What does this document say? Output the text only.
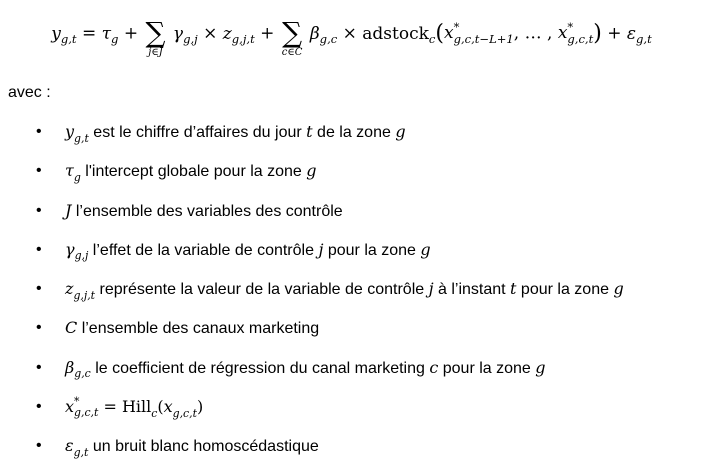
$y_{g,t} = \tau_g$ + ∑
j∈J
$\gamma_{g,j} \times z_{g,j,t}$ + ∑
c∈C
$\beta_{g,c}$ × adstock$_c$(x *
g,c,t−L+1 , … , x *
g,c,t ) + $\varepsilon_{g,t}$
avec :
• $y_{g,t}$ est le chiffre d’affaires du jour t de la zone g
• $\tau_g$ l'intercept globale pour la zone g
• J l’ensemble des variables des contrôle
• $\gamma_{g,j}$ l’effet de la variable de contrôle j pour la zone g
• $z_{g,j,t}$ représente la valeur de la variable de contrôle j à l’instant t pour la zone g
• C l’ensemble des canaux marketing
• $\beta_{g,c}$ le coefficient de régression du canal marketing c pour la zone g
• x *
$g,c,t = Hill_c(x_{g,c,t})$
• $\varepsilon_{g,t}$ un bruit blanc homoscédastique
